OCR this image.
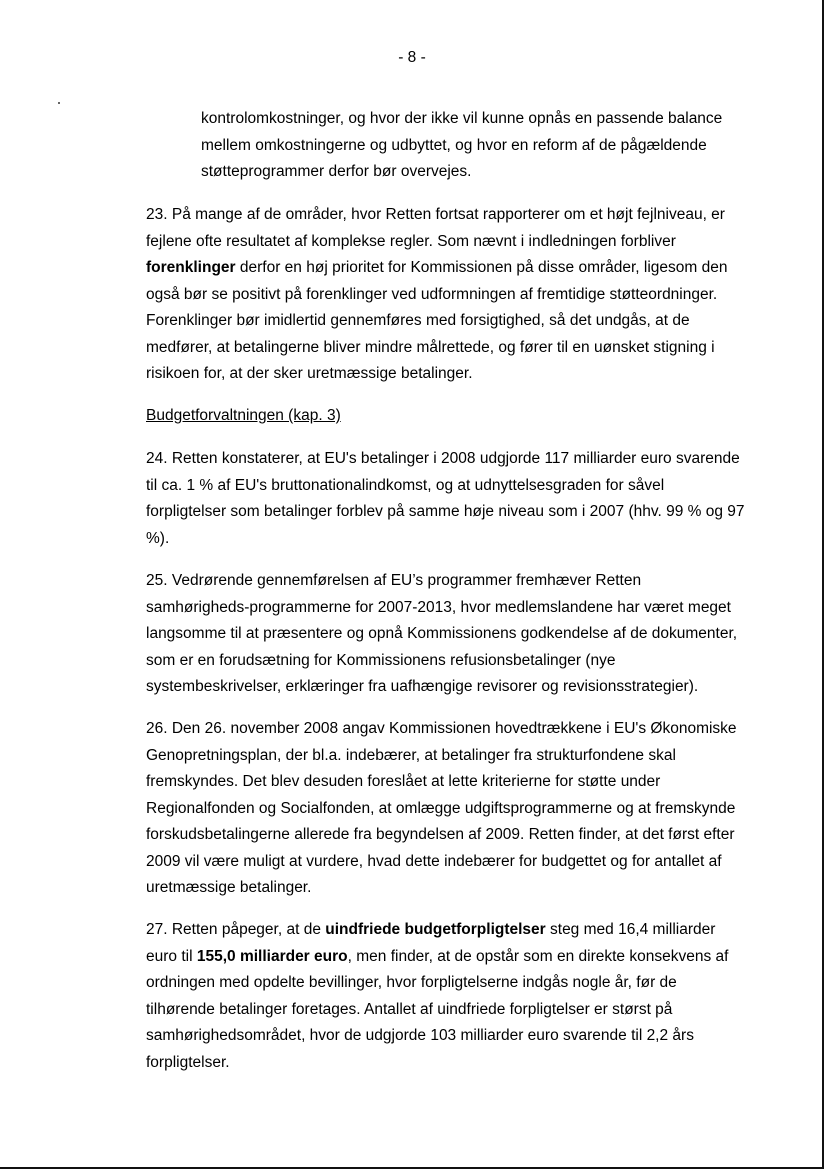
- 8 -

kontrolomkostninger, og hvor der ikke vil kunne opnås en passende balance mellem omkostningerne og udbyttet, og hvor en reform af de pågældende støtteprogrammer derfor bør overvejes.

23. På mange af de områder, hvor Retten fortsat rapporterer om et højt fejlniveau, er fejlene ofte resultatet af komplekse regler. Som nævnt i indledningen forbliver forenklinger derfor en høj prioritet for Kommissionen på disse områder, ligesom den også bør se positivt på forenklinger ved udformningen af fremtidige støtteordninger. Forenklinger bør imidlertid gennemføres med forsigtighed, så det undgås, at de medfører, at betalingerne bliver mindre målrettede, og fører til en uønsket stigning i risikoen for, at der sker uretmæssige betalinger.

Budgetforvaltningen (kap. 3)

24. Retten konstaterer, at EU's betalinger i 2008 udgjorde 117 milliarder euro svarende til ca. 1 % af EU's bruttonationalindkomst, og at udnyttelsesgraden for såvel forpligtelser som betalinger forblev på samme høje niveau som i 2007 (hhv. 99 % og 97 %).

25. Vedrørende gennemførelsen af EU’s programmer fremhæver Retten samhørigheds-programmerne for 2007-2013, hvor medlemslandene har været meget langsomme til at præsentere og opnå Kommissionens godkendelse af de dokumenter, som er en forudsætning for Kommissionens refusionsbetalinger (nye systembeskrivelser, erklæringer fra uafhængige revisorer og revisionsstrategier).

26. Den 26. november 2008 angav Kommissionen hovedtrækkene i EU's Økonomiske Genopretningsplan, der bl.a. indebærer, at betalinger fra strukturfondene skal fremskyndes. Det blev desuden foreslået at lette kriterierne for støtte under Regionalfonden og Socialfonden, at omlægge udgiftsprogrammerne og at fremskynde forskudsbetalingerne allerede fra begyndelsen af 2009. Retten finder, at det først efter 2009 vil være muligt at vurdere, hvad dette indebærer for budgettet og for antallet af uretmæssige betalinger.

27. Retten påpeger, at de uindfriede budgetforpligtelser steg med 16,4 milliarder euro til 155,0 milliarder euro, men finder, at de opstår som en direkte konsekvens af ordningen med opdelte bevillinger, hvor forpligtelserne indgås nogle år, før de tilhørende betalinger foretages. Antallet af uindfriede forpligtelser er størst på samhørighedsområdet, hvor de udgjorde 103 milliarder euro svarende til 2,2 års forpligtelser.
